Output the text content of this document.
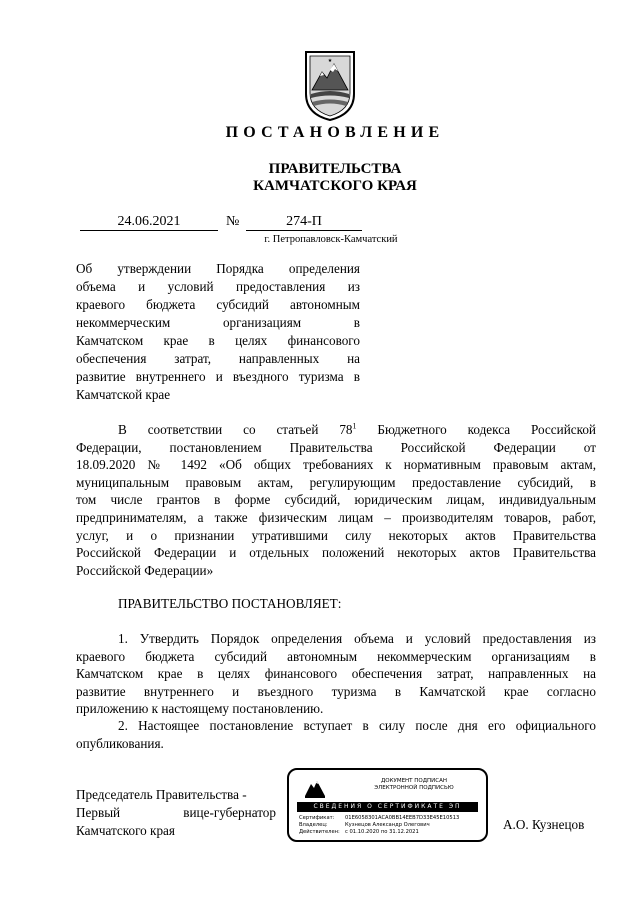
★
ПОСТАНОВЛЕНИЕ
ПРАВИТЕЛЬСТВА
КАМЧАТСКОГО КРАЯ
24.06.2021	№	274-П
г. Петропавловск-Камчатский
Об утверждении Порядка определения
объема и условий предоставления из
краевого бюджета субсидий автономным
некоммерческим организациям в
Камчатском крае в целях финансового
обеспечения затрат, направленных на
развитие внутреннего и въездного туризма в
Камчатской крае
В соответствии со статьей $78^1$ Бюджетного кодекса Российской
Федерации, постановлением Правительства Российской Федерации от
18.09.2020 № 1492 «Об общих требованиях к нормативным правовым актам,
муниципальным правовым актам, регулирующим предоставление субсидий, в
том числе грантов в форме субсидий, юридическим лицам, индивидуальным
предпринимателям, а также физическим лицам – производителям товаров, работ,
услуг, и о признании утратившими силу некоторых актов Правительства
Российской Федерации и отдельных положений некоторых актов Правительства
Российской Федерации»
ПРАВИТЕЛЬСТВО ПОСТАНОВЛЯЕТ:
1. Утвердить Порядок определения объема и условий предоставления из
краевого бюджета субсидий автономным некоммерческим организациям в
Камчатском крае в целях финансового обеспечения затрат, направленных на
развитие внутреннего и въездного туризма в Камчатской крае согласно
приложению к настоящему постановлению.
2. Настоящее постановление вступает в силу после дня его официального
опубликования.
Председатель Правительства -
Первый вице-губернатор
Камчатского края
ДОКУМЕНТ ПОДПИСАН
ЭЛЕКТРОННОЙ ПОДПИСЬЮ
СВЕДЕНИЯ О СЕРТИФИКАТЕ ЭП
Сертификат: 01E6058301ACA0BB14EEB7D33E45E10513
Владелец:	Кузнецов Александр Олегович
Действителен: с 01.10.2020 по 31.12.2021	А.О. Кузнецов
